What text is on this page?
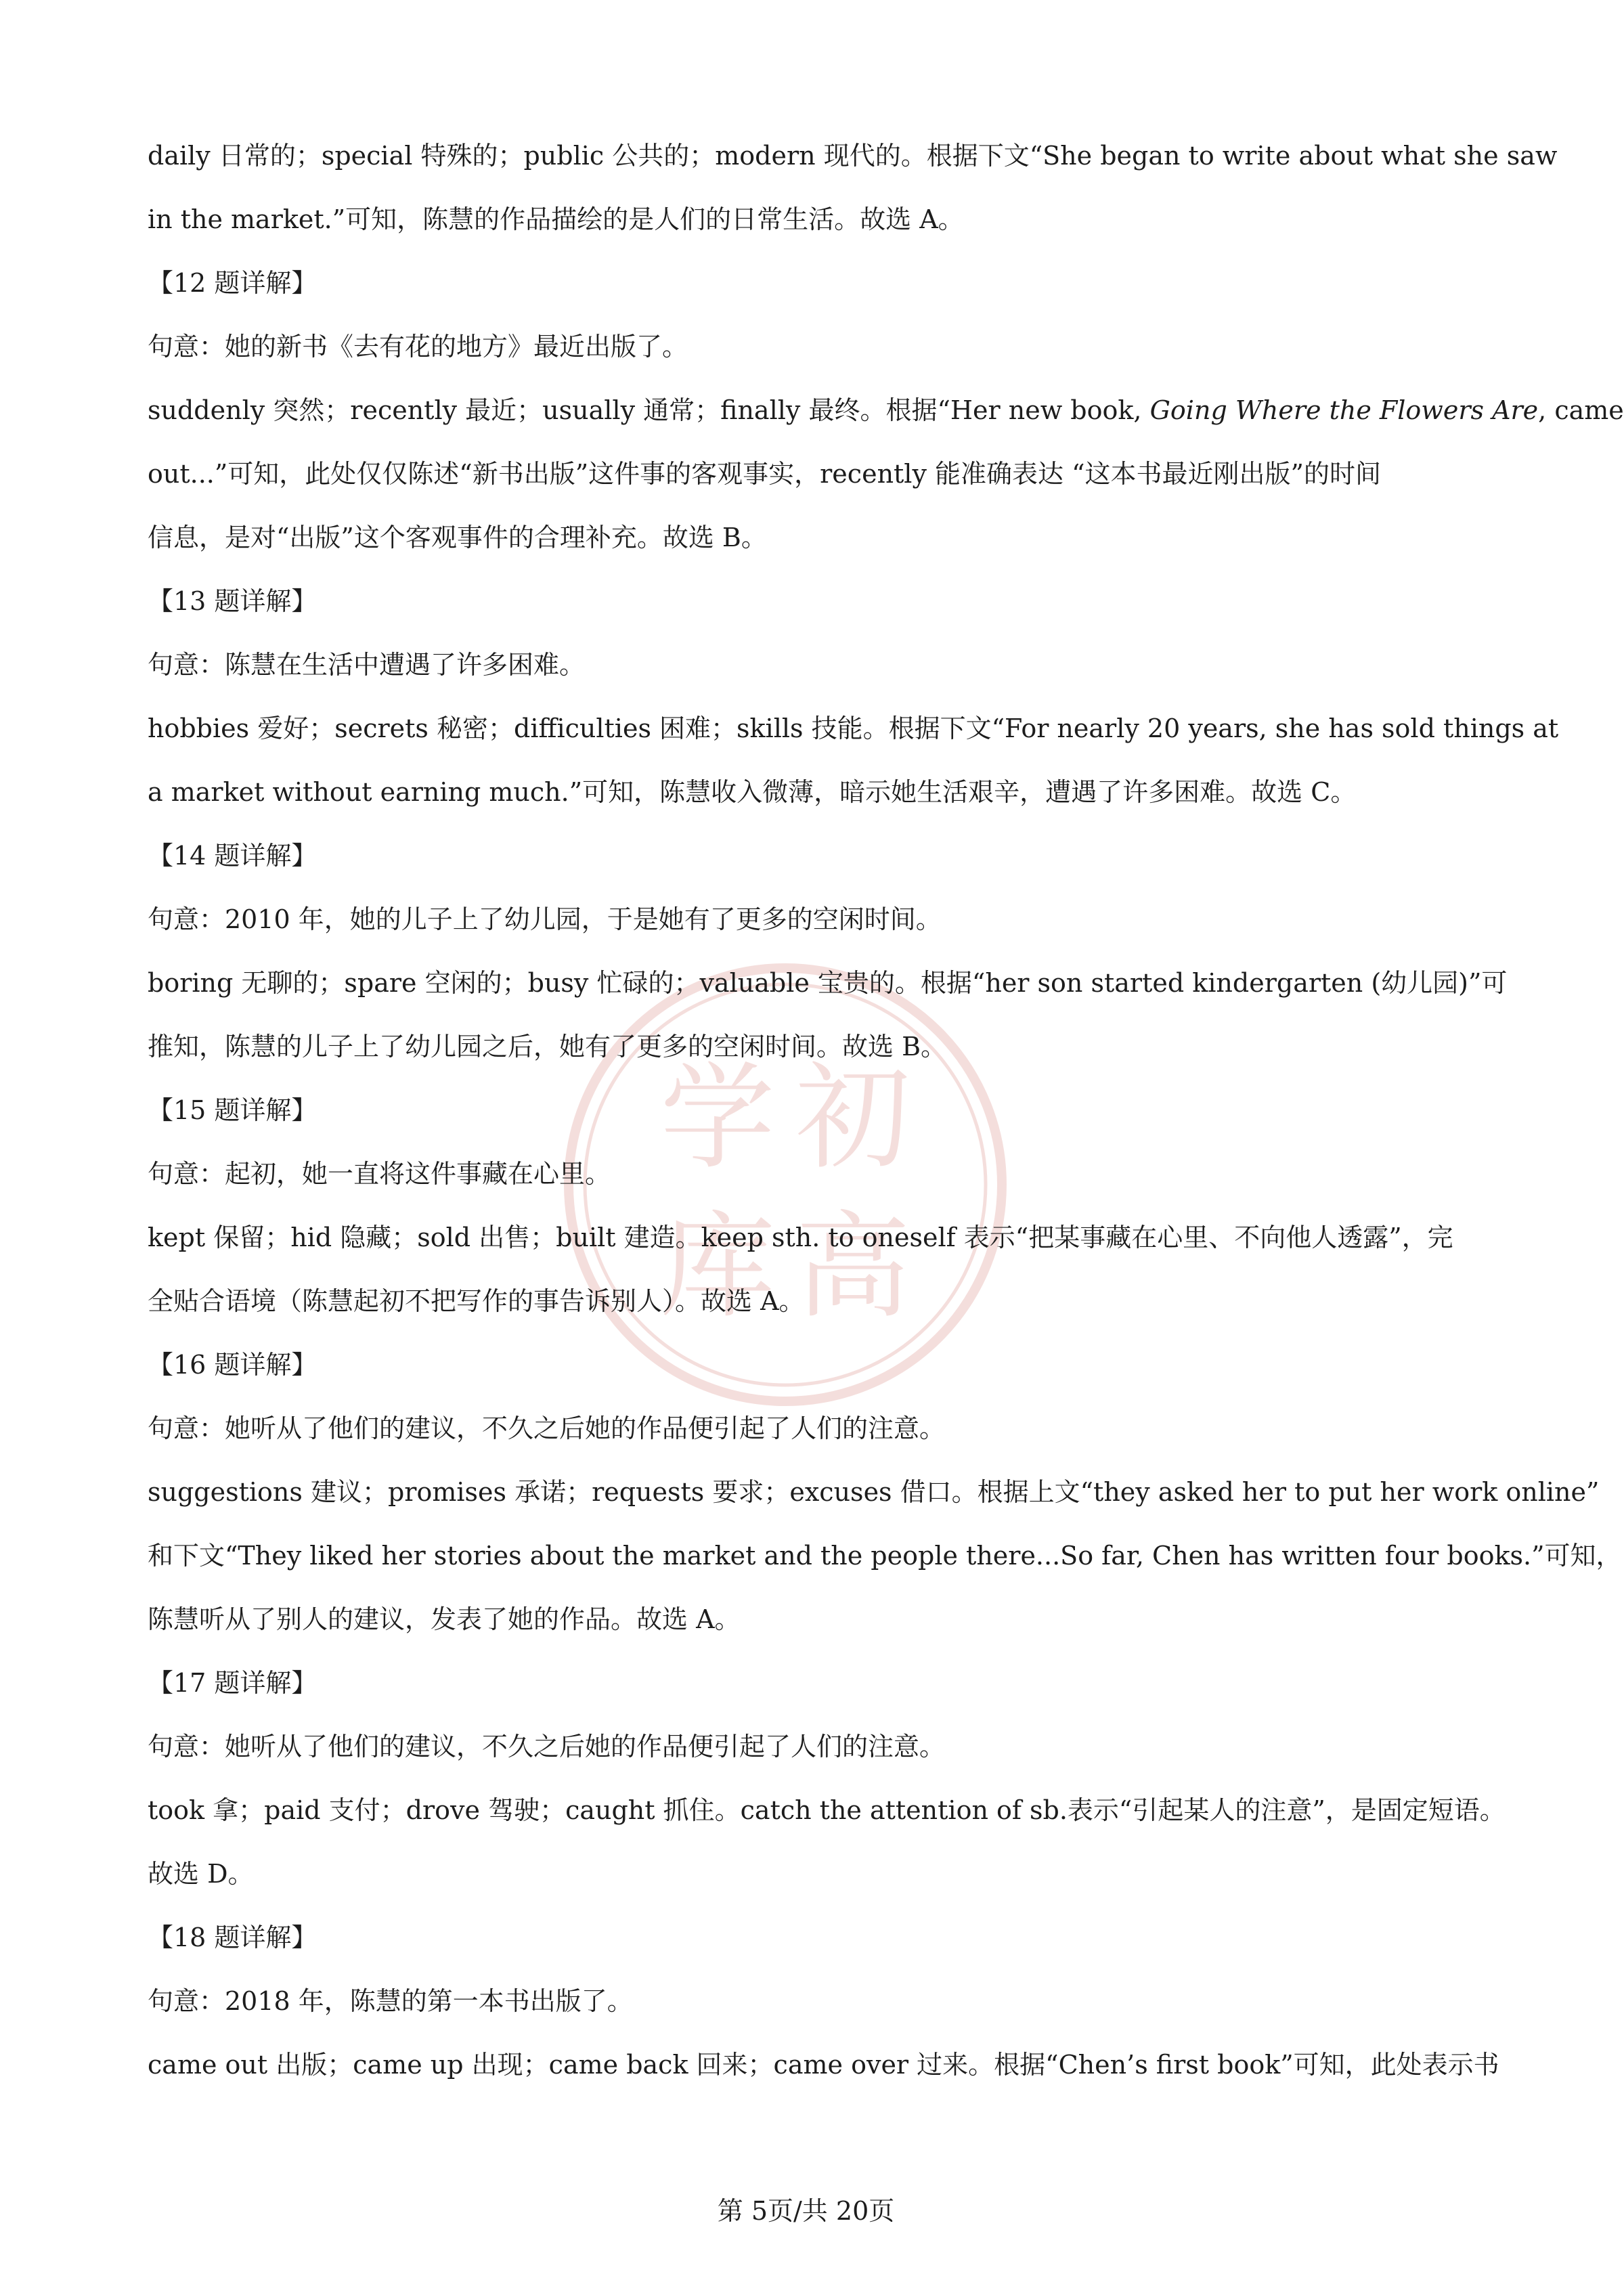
学 初
库 高
daily 日常的；special 特殊的；public 公共的；modern 现代的。根据下文“She began to write about what she saw
in the market.”可知，陈慧的作品描绘的是人们的日常生活。故选 A。
【12 题详解】
句意：她的新书《去有花的地方》最近出版了。
suddenly 突然；recently 最近；usually 通常；finally 最终。根据“Her new book, Going Where the Flowers Are, came
out...”可知，此处仅仅陈述“新书出版”这件事的客观事实，recently 能准确表达 “这本书最近刚出版”的时间
信息，是对“出版”这个客观事件的合理补充。故选 B。
【13 题详解】
句意：陈慧在生活中遭遇了许多困难。
hobbies 爱好；secrets 秘密；difficulties 困难；skills 技能。根据下文“For nearly 20 years, she has sold things at
a market without earning much.”可知，陈慧收入微薄，暗示她生活艰辛，遭遇了许多困难。故选 C。
【14 题详解】
句意：2010 年，她的儿子上了幼儿园，于是她有了更多的空闲时间。
boring 无聊的；spare 空闲的；busy 忙碌的；valuable 宝贵的。根据“her son started kindergarten (幼儿园)”可
推知，陈慧的儿子上了幼儿园之后，她有了更多的空闲时间。故选 B。
【15 题详解】
句意：起初，她一直将这件事藏在心里。
kept 保留；hid 隐藏；sold 出售；built 建造。keep sth. to oneself 表示“把某事藏在心里、不向他人透露”，完
全贴合语境（陈慧起初不把写作的事告诉别人）。故选 A。
【16 题详解】
句意：她听从了他们的建议，不久之后她的作品便引起了人们的注意。
suggestions 建议；promises 承诺；requests 要求；excuses 借口。根据上文“they asked her to put her work online”
和下文“They liked her stories about the market and the people there...So far, Chen has written four books.”可知，
陈慧听从了别人的建议，发表了她的作品。故选 A。
【17 题详解】
句意：她听从了他们的建议，不久之后她的作品便引起了人们的注意。
took 拿；paid 支付；drove 驾驶；caught 抓住。catch the attention of sb.表示“引起某人的注意”，是固定短语。
故选 D。
【18 题详解】
句意：2018 年，陈慧的第一本书出版了。
came out 出版；came up 出现；came back 回来；came over 过来。根据“Chen’s first book”可知，此处表示书
第 5页/共 20页
